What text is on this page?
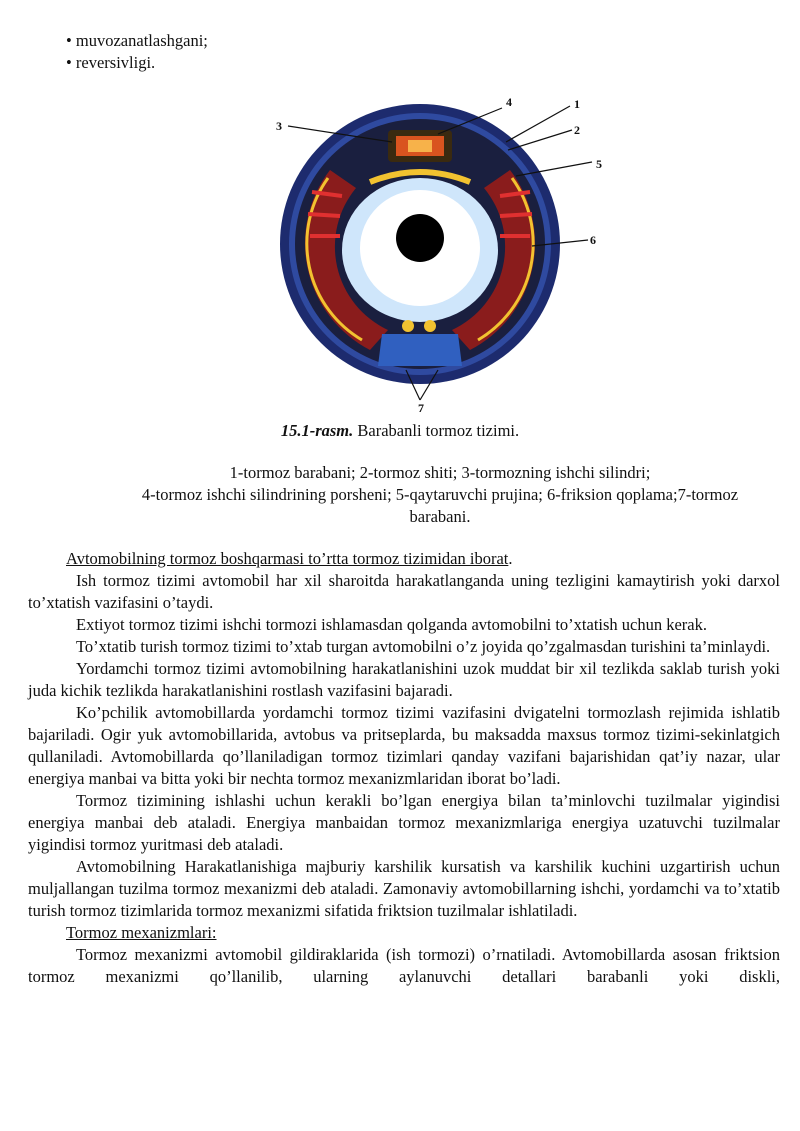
• muvozanatlashgani;
• reversivligi.
1
2
3
4
5
6
7
15.1-rasm. Barabanli tormoz tizimi.
1-tormoz barabani; 2-tormoz shiti; 3-tormozning ishchi silindri;
4-tormoz ishchi silindrining porsheni; 5-qaytaruvchi prujina; 6-friksion qoplama;7-tormoz
barabani.

Avtomobilning tormoz boshqarmasi to’rtta tormoz tizimidan iborat.

Ish tormoz tizimi avtomobil har xil sharoitda harakatlanganda uning tezligini kamaytirish yoki darxol to’xtatish vazifasini o’taydi.

Extiyot tormoz tizimi ishchi tormozi ishlamasdan qolganda avtomobilni to’xtatish uchun kerak.

To’xtatib turish tormoz tizimi to’xtab turgan avtomobilni o’z joyida qo’zgalmasdan turishini ta’minlaydi.

Yordamchi tormoz tizimi avtomobilning harakatlanishini uzok muddat bir xil tezlikda saklab turish yoki juda kichik tezlikda harakatlanishini rostlash vazifasini bajaradi.

Ko’pchilik avtomobillarda yordamchi tormoz tizimi vazifasini dvigatelni tormozlash rejimida ishlatib bajariladi. Ogir yuk avtomobillarida, avtobus va pritseplarda, bu maksadda maxsus tormoz tizimi-sekinlatgich qullaniladi. Avtomobillarda qo’llaniladigan tormoz tizimlari qanday vazifani bajarishidan qat’iy nazar, ular energiya manbai va bitta yoki bir nechta tormoz mexanizmlaridan iborat bo’ladi.

Tormoz tizimining ishlashi uchun kerakli bo’lgan energiya bilan ta’minlovchi tuzilmalar yigindisi energiya manbai deb ataladi. Energiya manbaidan tormoz mexanizmlariga energiya uzatuvchi tuzilmalar yigindisi tormoz yuritmasi deb ataladi.

Avtomobilning Harakatlanishiga majburiy karshilik kursatish va karshilik kuchini uzgartirish uchun muljallangan tuzilma tormoz mexanizmi deb ataladi. Zamonaviy avtomobillarning ishchi, yordamchi va to’xtatib turish tormoz tizimlarida tormoz mexanizmi sifatida friktsion tuzilmalar ishlatiladi.

Tormoz mexanizmlari:

Tormoz mexanizmi avtomobil gildiraklarida (ish tormozi) o’rnatiladi. Avtomobillarda asosan friktsion tormoz mexanizmi qo’llanilib, ularning aylanuvchi detallari barabanli yoki diskli,
